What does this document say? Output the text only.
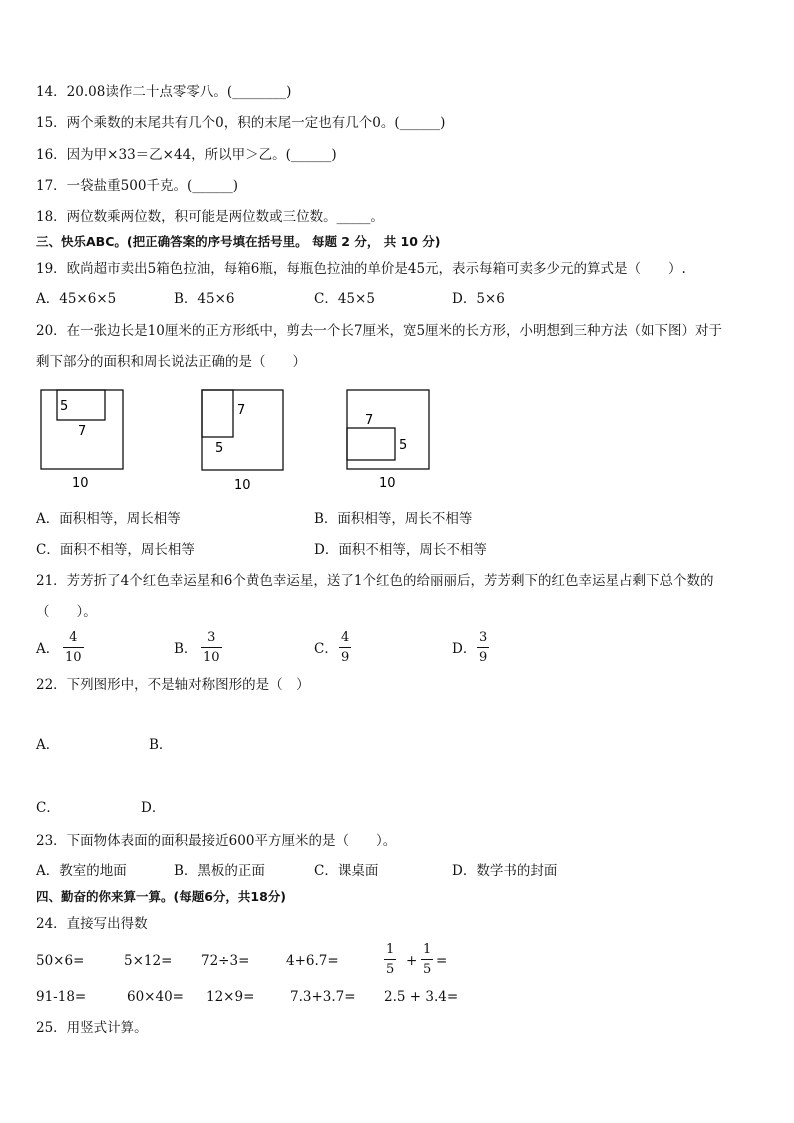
14．20.08读作二十点零零八。(________)
15．两个乘数的末尾共有几个0，积的末尾一定也有几个0。(______)
16．因为甲×33＝乙×44，所以甲＞乙。(______)
17．一袋盐重500千克。(______)
18．两位数乘两位数，积可能是两位数或三位数。_____。
三、快乐ABC。(把正确答案的序号填在括号里。 每题 2 分， 共 10 分)
19．欧尚超市卖出5箱色拉油，每箱6瓶，每瓶色拉油的单价是45元，表示每箱可卖多少元的算式是（　　）.
A．45×6×5	B．45×6	C．45×5	D．5×6
20．在一张边长是10厘米的正方形纸中，剪去一个长7厘米，宽5厘米的长方形，小明想到三种方法（如下图）对于
剩下部分的面积和周长说法正确的是（　　）
5
7
10
7
5
10
7
5
10
A．面积相等，周长相等	B．面积相等，周长不相等
C．面积不相等，周长相等	D．面积不相等，周长不相等
21．芳芳折了4个红色幸运星和6个黄色幸运星，送了1个红色的给丽丽后，芳芳剩下的红色幸运星占剩下总个数的
（　　）。
A．
4
10
B．
3
10
C．
4
9
D．
3
9
22．下列图形中，不是轴对称图形的是（　）
A．	B．
C．	D．
23．下面物体表面的面积最接近600平方厘米的是（　　）。
A．教室的地面	B．黑板的正面	C．课桌面	D．数学书的封面
四、勤奋的你来算一算。(每题6分，共18分)
24．直接写出得数
50×6=	5×12= 72÷3=	4+6.7=
1
5
+
1
5
=
91-18=	60×40= 12×9=	7.3+3.7= 2.5 + 3.4=
25．用竖式计算。
